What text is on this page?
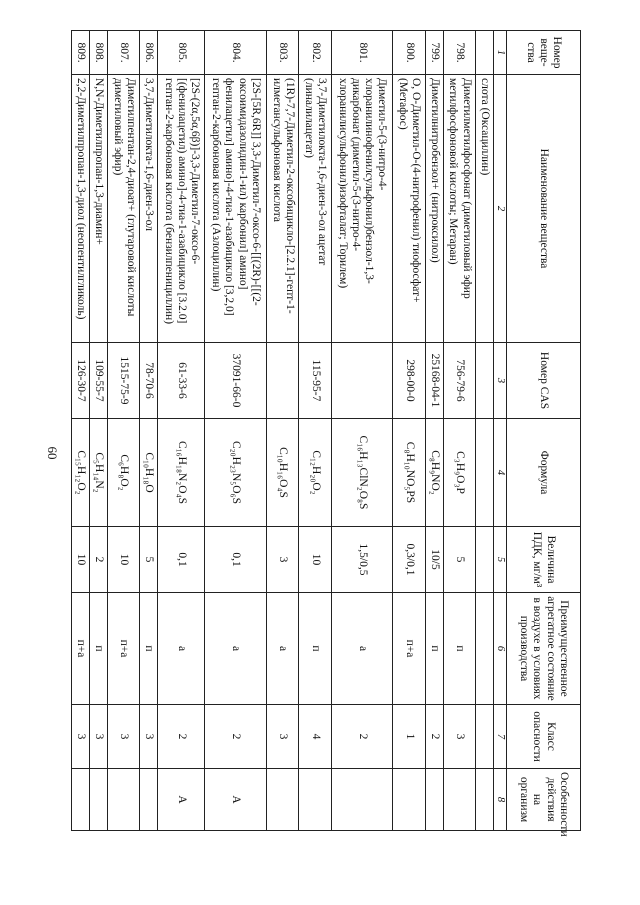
60
Номер веще-ства	Наименование вещества	Номер CAS	Формула	Величина ПДК, мг/м³	Преимущественное агрегатное состояние в воздухе в условиях производства	Класс опасности	Особенности действия на организм
1	2	3	4	5	6	7	8
	слота (Оксациллин)						
798.	Диметилметилфосфонат (диметиловый эфир метилфосфоновой кислоты; Метаран)	756-79-6	C₃H₉O₃P	5	п	3	
799.	Диметилнитробензол+ (нитроксилол)	25168-04-1	C₈H₉NO₂	10/5	п	2	
800.	O, O-Диметил-O-(4-нитрофенил) тиофосфат+ (Метафос)	298-00-0	C₈H₁₀NO₅PS	0,3/0,1	п+а	1	
801.	Диметил-5-(3-нитро-4-хлоранилинофенилсульфонил)бензол-1,3-дикарбонат (диметил-5-(3-нитро-4-хлоранилисульфонил)изофталат; Торилем)		C₁₆H₁₃ClN₂O₈S	1,5/0,5	а	2	
802.	3,7-Диметилокта-1,6-диен-3-ол ацетат (линалилацетат)	115-95-7	C₁₂H₂₀O₂	10	п	4	
803.	(1R)-7,7-Диметил-2-оксобицикло-[2.2.1]-гепт-1-илметансульфоновая кислота		C₁₀H₁₆O₄S	3	а	3	
804.	[2S-[5R,6R]] 3,3-Диметил-7-оксо-6-[[(2R)-[[(2-оксоимидазолидин-1-ил) карбонил] амино] фенилацетил] амино]-4-тиа-1-азабицикло [3,2,0] гептан-2-карбоновая кислота (Азлоциллин)	37091-66-0	C₂₀H₂₃N₅O₆S	0,1	а	2	А
805.	[2S-(2α,5α,6β)]-3,3-Диметил-7-оксо-6-[(фенилацетил) амино]-4-тиа-1-азабицикло [3.2.0] гептан-2-карбоновая кислота (бензилпенициллин)	61-33-6	C₁₆H₁₈N₂O₄S	0,1	а	2	А
806.	3,7-Диметилокта-1,6-диен-3-ол	78-70-6	C₁₀H₁₈O	5	п	3	
807.	Диметилпентан-2,4-диоат+ (глутаровой кислоты диметиловый эфир)	1515-75-9	C₆H₈O₂	10	п+а	3	
808.	N,N-Диметилпропан-1,3-диамин+	109-55-7	C₅H₁₄N₂	2	п	3	
809.	2,2-Диметилпропан-1,3-диол (неопентилгликоль)	126-30-7	C₁₅H₁₂O₂	10	п+а	3	
